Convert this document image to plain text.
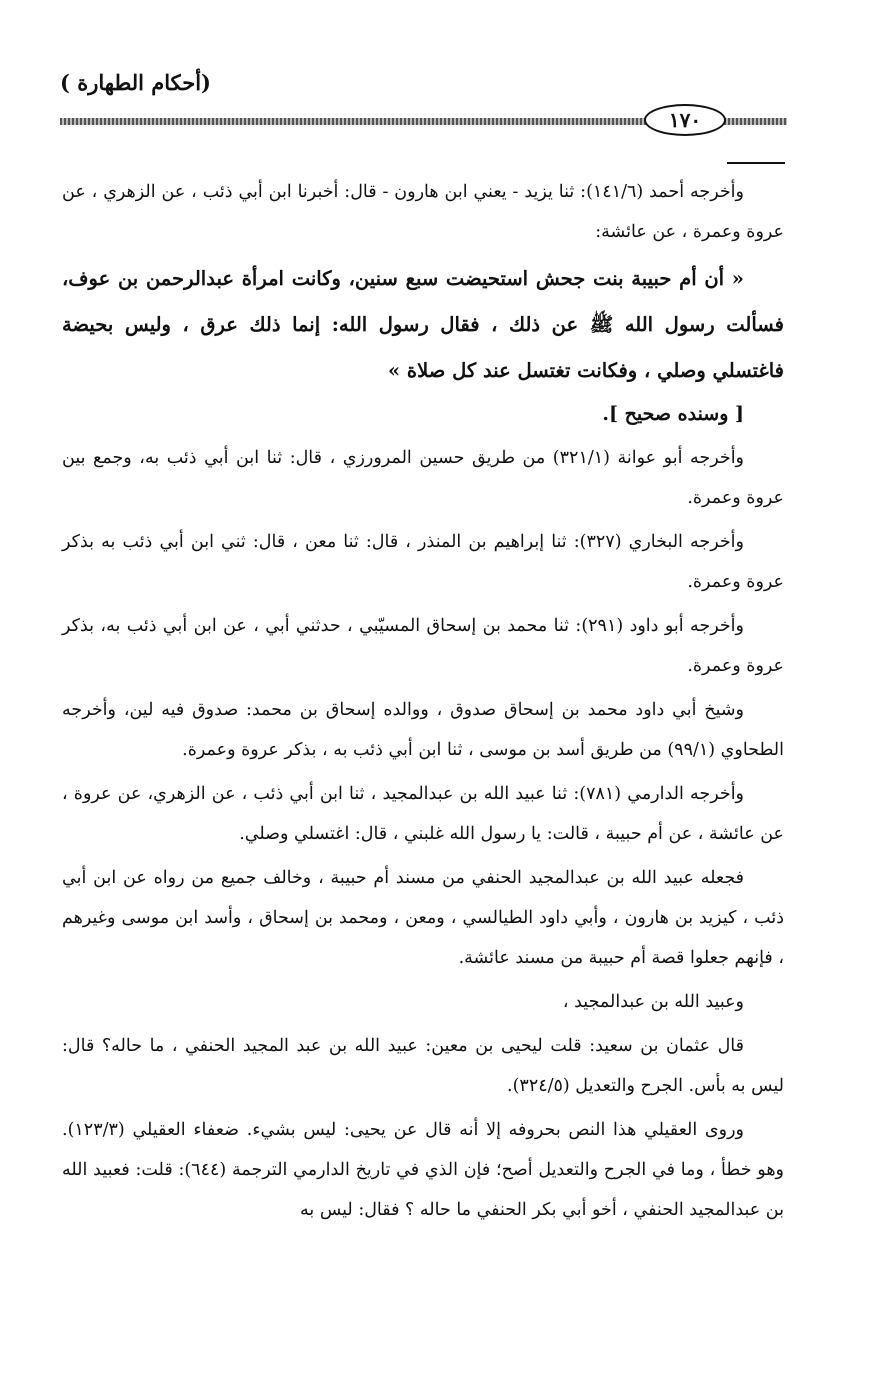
(أحكام الطهارة )
١٧٠

وأخرجه أحمد (١٤١/٦): ثنا يزيد - يعني ابن هارون - قال: أخبرنا ابن أبي ذئب ، عن الزهري ، عن عروة وعمرة ، عن عائشة:

« أن أم حبيبة بنت جحش استحيضت سبع سنين، وكانت امرأة عبدالرحمن بن عوف، فسألت رسول الله ﷺ عن ذلك ، فقال رسول الله: إنما ذلك عرق ، وليس بحيضة فاغتسلي وصلي ، وفكانت تغتسل عند كل صلاة »

[ وسنده صحيح ].

وأخرجه أبو عوانة (٣٢١/١) من طريق حسين المرورزي ، قال: ثنا ابن أبي ذئب به، وجمع بين عروة وعمرة.

وأخرجه البخاري (٣٢٧): ثنا إبراهيم بن المنذر ، قال: ثنا معن ، قال: ثني ابن أبي ذئب به بذكر عروة وعمرة.

وأخرجه أبو داود (٢٩١): ثنا محمد بن إسحاق المسيّبي ، حدثني أبي ، عن ابن أبي ذئب به، بذكر عروة وعمرة.

وشيخ أبي داود محمد بن إسحاق صدوق ، ووالده إسحاق بن محمد: صدوق فيه لين، وأخرجه الطحاوي (٩٩/١) من طريق أسد بن موسى ، ثنا ابن أبي ذئب به ، بذكر عروة وعمرة.

وأخرجه الدارمي (٧٨١): ثنا عبيد الله بن عبدالمجيد ، ثنا ابن أبي ذئب ، عن الزهري، عن عروة ، عن عائشة ، عن أم حبيبة ، قالت: يا رسول الله غلبني ، قال: اغتسلي وصلي.

فجعله عبيد الله بن عبدالمجيد الحنفي من مسند أم حبيبة ، وخالف جميع من رواه عن ابن أبي ذئب ، كيزيد بن هارون ، وأبي داود الطيالسي ، ومعن ، ومحمد بن إسحاق ، وأسد ابن موسى وغيرهم ، فإنهم جعلوا قصة أم حبيبة من مسند عائشة.

وعبيد الله بن عبدالمجيد ،

قال عثمان بن سعيد: قلت ليحيى بن معين: عبيد الله بن عبد المجيد الحنفي ، ما حاله؟ قال: ليس به بأس. الجرح والتعديل (٣٢٤/٥).

وروى العقيلي هذا النص بحروفه إلا أنه قال عن يحيى: ليس بشيء. ضعفاء العقيلي (١٢٣/٣). وهو خطأ ، وما في الجرح والتعديل أصح؛ فإن الذي في تاريخ الدارمي الترجمة (٦٤٤): قلت: فعبيد الله بن عبدالمجيد الحنفي ، أخو أبي بكر الحنفي ما حاله ؟ فقال: ليس به
